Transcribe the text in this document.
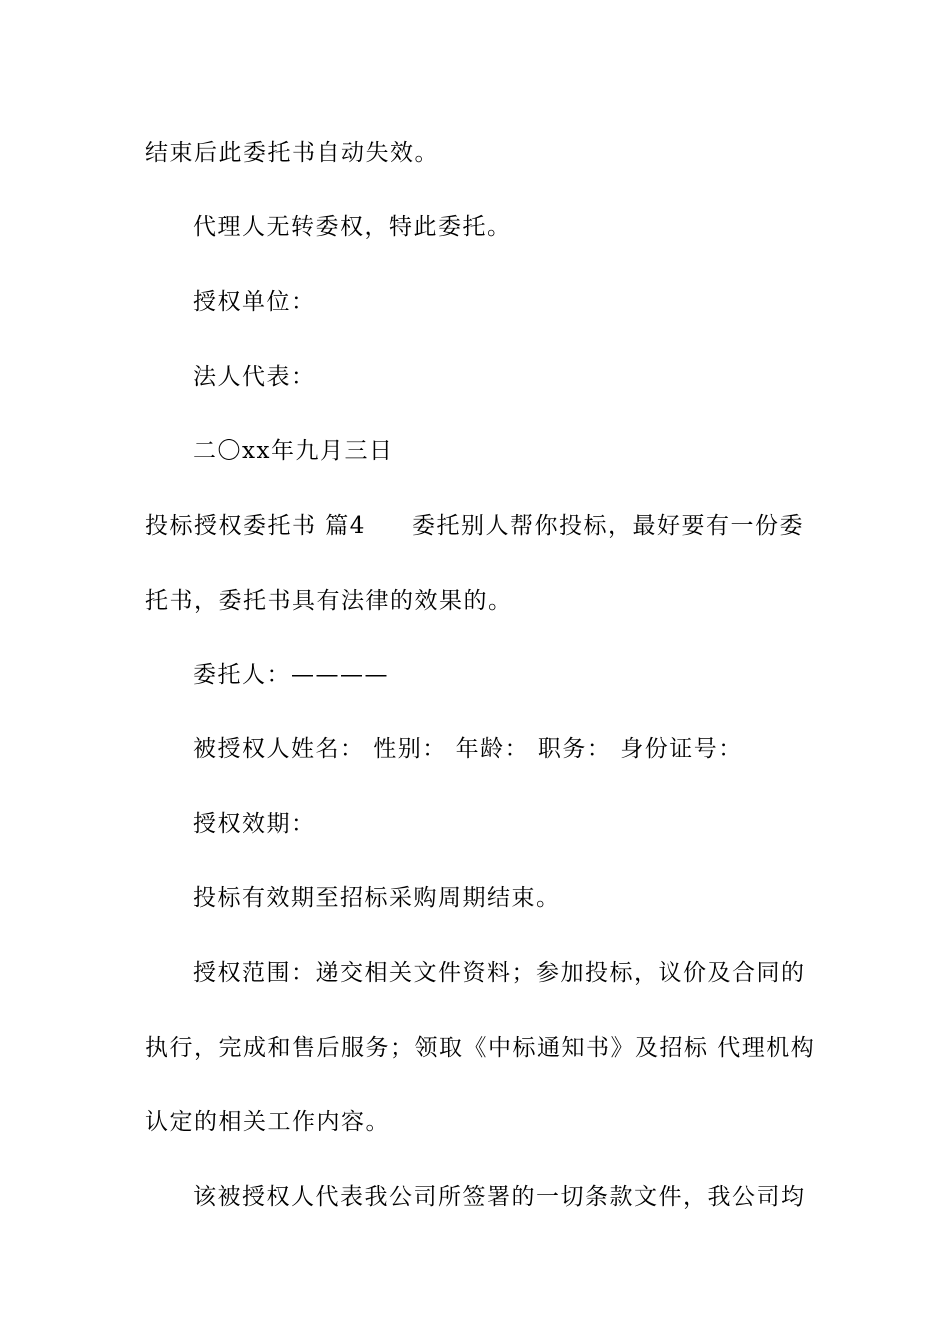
结束后此委托书自动失效。
代理人无转委权，特此委托。
授权单位：
法人代表：
二〇xx年九月三日
投标授权委托书 篇4 委托别人帮你投标，最好要有一份委
托书，委托书具有法律的效果的。
委托人：————
被授权人姓名： 性别： 年龄： 职务： 身份证号：
授权效期：
投标有效期至招标采购周期结束。
授权范围：递交相关文件资料；参加投标，议价及合同的
执行，完成和售后服务；领取《中标通知书》及招标 代理机构
认定的相关工作内容。
该被授权人代表我公司所签署的一切条款文件，我公司均
